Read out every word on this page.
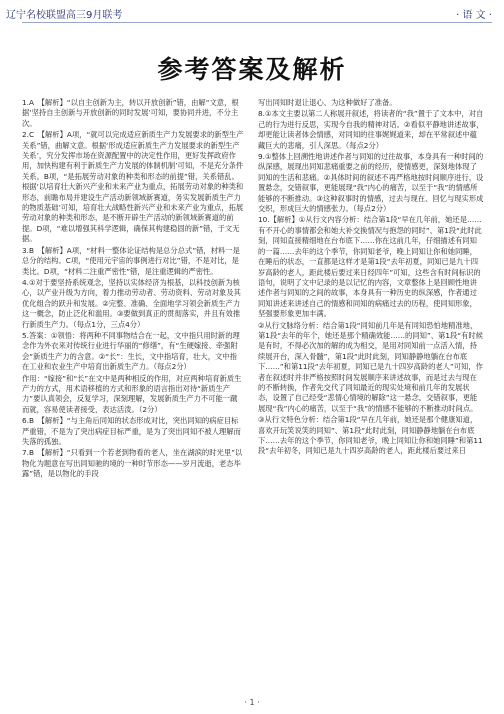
辽宁名校联盟高三9月联考	· 语 文 ·
参考答案及解析

1.A　【解析】“以自主创新为主，转以开放创新”错，由解“文意，根据‘坚持自主创新与开放创新的同时发展’可知，要协同并进，不分主次。

2.C　【解析】A项，“就可以完成适应新质生产力发展要求的新型生产关系”错，曲解文意。根据‘形成适应新质生产力发展要求的新型生产关系’，究分发挥市场在资源配置中的决定性作用，更好发挥政府作用，加快构建有利于新质生产力发展的体制机制’可知，不是充分条件关系。B项，“是拓展劳动对象的种类和形态的前提”错，关系错乱。根据‘以培育壮大新兴产业和未来产业为重点，拓展劳动对象的种类和形态，前瞻布局并建设生产活动新领域新赛道，务实发展新质生产力的物质基础’可知，培育壮大战略性新兴产业和未来产业为重点，拓展劳动对象的种类和形态，是不断开辟生产活动的新领域新赛道的前提。D项，“难以增强其科学逻辑，确保其构建稳固的新”错，于文无据。

3.B　【解析】A项，“材料一整体论证结构是总分总式”错，材料一是总分的结构。C项，“使用元宇宙的事例进行对比”错，不是对比，是类比。D项，“材料二注重严密性”错，是注重逻辑的严密性。

4.①对于要坚持系统观念，坚持以实体经济为根基，以科技创新为核心，以产业升级为方向，着力推动劳动者、劳动资料、劳动对象及其优化组合的跃升和发展。②完整、准确、全面地学习领会新质生产力这一概念，防止泛化和滥用。③要做到真正的贯彻落实，并且有效推行新质生产力。（每点1分，三点4分）

5.答案：①领悟：将两种不同事物结合在一起，文中指只用时新的理念作为外衣来对传统行业进行华丽的“修缮”，有“生硬嫁接、牵强附会”新质生产力的含意。②“长”：生长，文中指培育，壮大，文中指在工业和农业生产中培育出新质生产力。（每点2分）

作用：“嫁接”和“长”在文中是两种相反的作用，对应两种培育新质生产力的方式，用术语移植的方式和形象的语言指出对待“新质生产力”要认真领会，反复学习，深刻理解，发展新质生产力不可能一蹴而就，容易使读者接受，表达活泼。（2分）

6.B　【解析】“与主角后同知的状态形成对比，突出同知的病症目标严重错，不是为了突出病症目标严重，是为了突出同知不被人理解而失落的孤独。

7.B　【解析】“只看到一个若老到物看的老人，坐在湖滨的时光里”以物化为题意在写出同知驰的境的一种时节形态——岁月流逝，老态毕露”错，是以物化的手段

写出同知时退让退心、为这种做好了准备。

8.①本文主要以第二人称展开叙述，将读者的“我”置于了文本中，对自己的行为进行反思，实现今自我的精神对话。②看似平静地讲述故事，却更能让读者体会情感，对同知的往事娓娓道来，却在平常叙述中蕴藏巨大的悲痛，引人深思。（每点2分）

9.①整体上回溯性地讲述作者与同知的过往故事，本身具有一种时间的纵深感，展现出同知悲痛重要之前的经历，使情感更，深刻地体现了同知的生活和悲痛。②具体时间的叙述不再严格地按时间顺序进行，设置悬念，交错叙事，更能展现“我”内心的痛苦，以至于“我”的情感所能够的不断推动。③这种叙事时的情感，过去与现在、回忆与现实形成交织，形成巨大的情感张力。（每点2分）

10.【解析】①从行文内容分析：结合第1段“早在几年前，她还是……有不开心的事情都会和她大补交换情况与抱怨的同时”、第1段“此时此刻，同知直接精细地在台布底下……你在这前几年，仔细描述有同知的一篇……去年的这个季节，你同知老爷，晚上同知让你和她同睡，在睡后的状态，一直都是这样才是第1段“去年初夏，同知已是九十四岁高龄的老人，距此楼后要过来日经四年”可知，这些含有时间标识的语句，说明了文中记录的是以记忆的内容，文章整体上是回顾性地讲述作者与同知的之间的故事，本身具有一种历史的纵深感，作者通过同知讲述来讲述自己的情感和同知的病痛过去的历程，使同知形象，坚强要形象更加丰满。

②从行文脉络分析：结合第1段“同知前几年是有同知恐怕地精准地，第1段“去年的年个，她还是那个精确效能……的同知”、第1段“有时候是有时，不得必次加的解的成为相交，是用对同知前一点活入情，持续展开台，深入骨髓”，第1段“此时此刻，同知静静地躺在台布底下……”和第11段“去年初夏，同知已是九十四岁高龄的老人”可知，作者在叙述时并非严格按照时间发展顺序来讲述故事，而是过去与现在的不断转换，作者先交代了同知最近的现实处境和前几年的发展状态，设置了自己经受“悲情心情境的解除”这一悬念，交错叙事，更能展现“我”内心的痛苦，以至于“我”的情感不能够的不断推动时间点。

③从行文特色分析：结合第1段“早在几年前，她还是那个健康知道，喜欢开玩笑说笑的同知”、第1段“此时此刻，同知静静地躺在台布底下……去年的这个季节，你同知老爷，晚上同知让你和她同睡”和第11段“去年初冬，同知已是九十四岁高龄的老人，距此楼后要过来日

· 1 ·
